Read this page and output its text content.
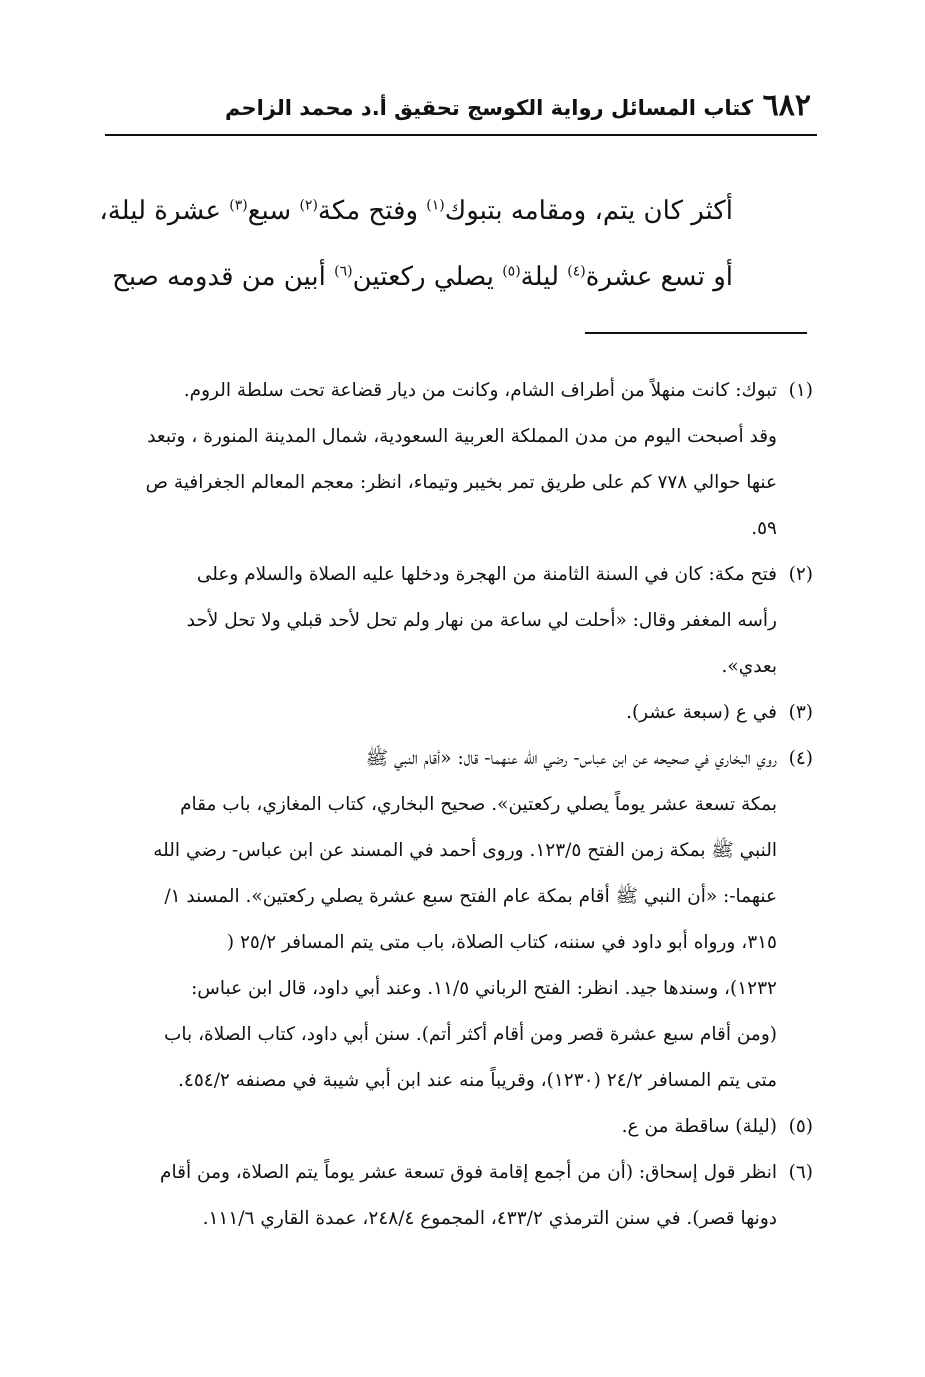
٦٨٢
كتاب المسائل رواية الكوسج تحقيق أ.د محمد الزاحم
أكثر كان يتم، ومقامه بتبوك$^{(١)}$ وفتح مكة$^{(٢)}$ سبع$^{(٣)}$ عشرة ليلة،
أو تسع عشرة$^{(٤)}$ ليلة$^{(٥)}$ يصلي ركعتين$^{(٦)}$ أبين من قدومه صبح
(١)
تبوك: كانت منهلاً من أطراف الشام، وكانت من ديار قضاعة تحت سلطة الروم.
وقد أصبحت اليوم من مدن المملكة العربية السعودية، شمال المدينة المنورة ، وتبعد
عنها حوالي ٧٧٨ كم على طريق تمر بخيبر وتيماء، انظر: معجم المعالم الجغرافية ص
٥٩.
(٢)
فتح مكة: كان في السنة الثامنة من الهجرة ودخلها عليه الصلاة والسلام وعلى
رأسه المغفر وقال: «أحلت لي ساعة من نهار ولم تحل لأحد قبلي ولا تحل لأحد
بعدي».
(٣)
في ع (سبعة عشر).
(٤)
روي البخاري في صحيحه عن ابن عباس- رضي الله عنهما- قال: «أقام النبي ﷺ
بمكة تسعة عشر يوماً يصلي ركعتين». صحيح البخاري، كتاب المغازي، باب مقام
النبي ﷺ بمكة زمن الفتح ١٢٣/٥. وروى أحمد في المسند عن ابن عباس- رضي الله
عنهما-: «أن النبي ﷺ أقام بمكة عام الفتح سبع عشرة يصلي ركعتين». المسند ١/
٣١٥، ورواه أبو داود في سننه، كتاب الصلاة، باب متى يتم المسافر ٢٥/٢ (
١٢٣٢)، وسندها جيد. انظر: الفتح الرباني ١١/٥. وعند أبي داود، قال ابن عباس:
(ومن أقام سبع عشرة قصر ومن أقام أكثر أتم). سنن أبي داود، كتاب الصلاة، باب
متى يتم المسافر ٢٤/٢ (١٢٣٠)، وقريباً منه عند ابن أبي شيبة في مصنفه ٤٥٤/٢.
(٥)
(ليلة) ساقطة من ع.
(٦)
انظر قول إسحاق: (أن من أجمع إقامة فوق تسعة عشر يوماً يتم الصلاة، ومن أقام
دونها قصر). في سنن الترمذي ٤٣٣/٢، المجموع ٢٤٨/٤، عمدة القاري ١١١/٦.
